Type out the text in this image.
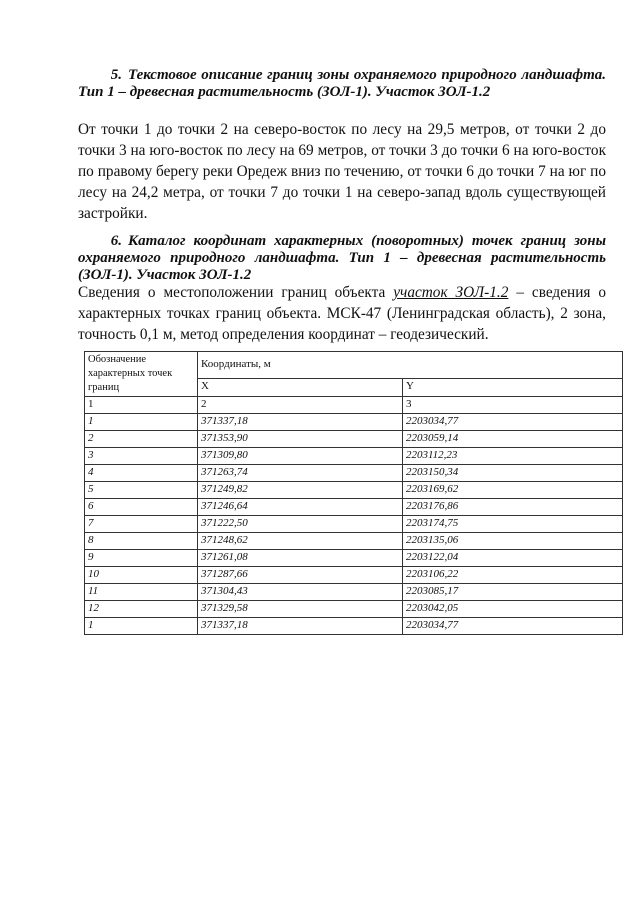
5. Текстовое описание границ зоны охраняемого природного ландшафта. Тип 1 – древесная растительность (ЗОЛ-1). Участок ЗОЛ-1.2

От точки 1 до точки 2 на северо-восток по лесу на 29,5 метров, от точки 2 до точки 3 на юго-восток по лесу на 69 метров, от точки 3 до точки 6 на юго-восток по правому берегу реки Оредеж вниз по течению, от точки 6 до точки 7 на юг по лесу на 24,2 метра, от точки 7 до точки 1 на северо-запад вдоль существующей застройки.

6. Каталог координат характерных (поворотных) точек границ зоны охраняемого природного ландшафта. Тип 1 – древесная растительность (ЗОЛ-1). Участок ЗОЛ-1.2

Сведения о местоположении границ объекта участок ЗОЛ-1.2 – сведения о характерных точках границ объекта. МСК-47 (Ленинградская область), 2 зона, точность 0,1 м, метод определения координат – геодезический.

Обозначение характерных точек границ	Координаты, м	
	X	Y
1	2	3
1	371337,18	2203034,77
2	371353,90	2203059,14
3	371309,80	2203112,23
4	371263,74	2203150,34
5	371249,82	2203169,62
6	371246,64	2203176,86
7	371222,50	2203174,75
8	371248,62	2203135,06
9	371261,08	2203122,04
10	371287,66	2203106,22
11	371304,43	2203085,17
12	371329,58	2203042,05
1	371337,18	2203034,77
